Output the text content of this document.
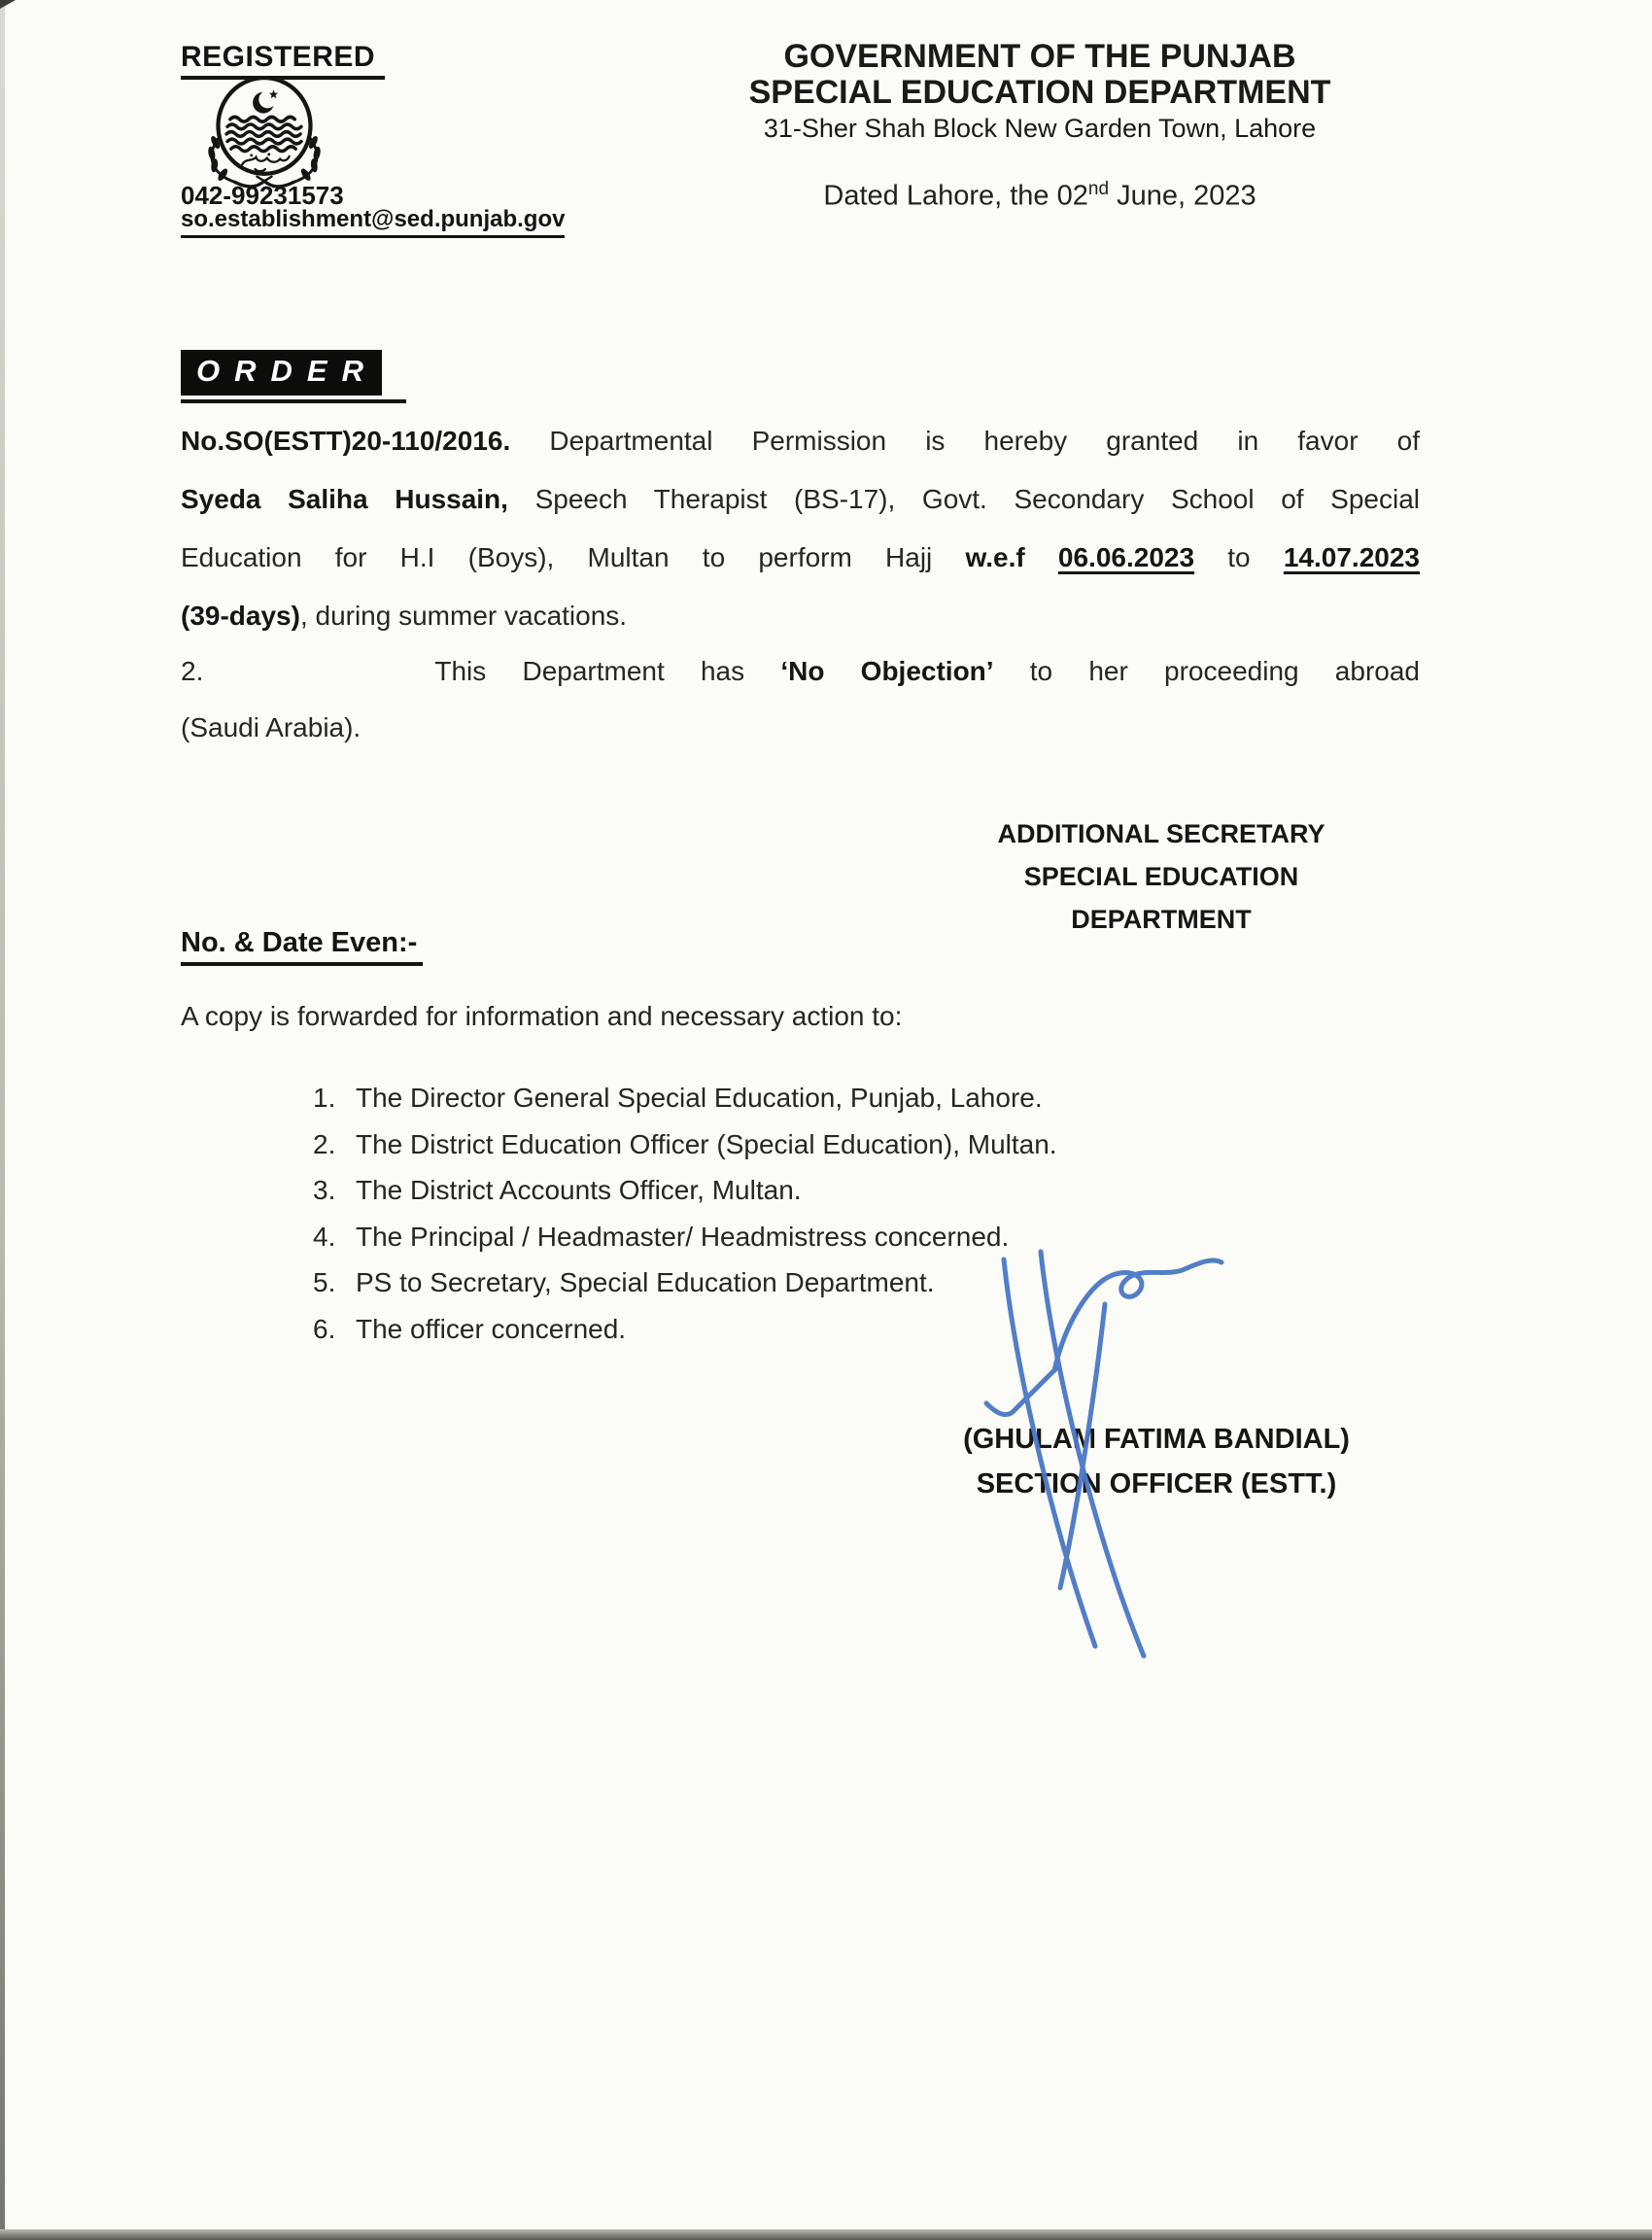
REGISTERED
042-99231573
so.establishment@sed.punjab.gov
GOVERNMENT OF THE PUNJAB
SPECIAL EDUCATION DEPARTMENT
31-Sher Shah Block New Garden Town, Lahore
Dated Lahore, the 02nd June, 2023
ORDER
No.SO(ESTT)20-110/2016. Departmental Permission is hereby granted in favor of
Syeda Saliha Hussain, Speech Therapist (BS-17), Govt. Secondary School of Special
Education for H.I (Boys), Multan to perform Hajj w.e.f 06.06.2023 to 14.07.2023
(39-days), during summer vacations.
2.	This Department has ‘No Objection’ to her proceeding abroad
(Saudi Arabia).
ADDITIONAL SECRETARY
SPECIAL EDUCATION
DEPARTMENT
No. & Date Even:-
A copy is forwarded for information and necessary action to:
1. The Director General Special Education, Punjab, Lahore.
2. The District Education Officer (Special Education), Multan.
3. The District Accounts Officer, Multan.
4. The Principal / Headmaster/ Headmistress concerned.
5. PS to Secretary, Special Education Department.
6. The officer concerned.
(GHULAM FATIMA BANDIAL)
SECTION OFFICER (ESTT.)
